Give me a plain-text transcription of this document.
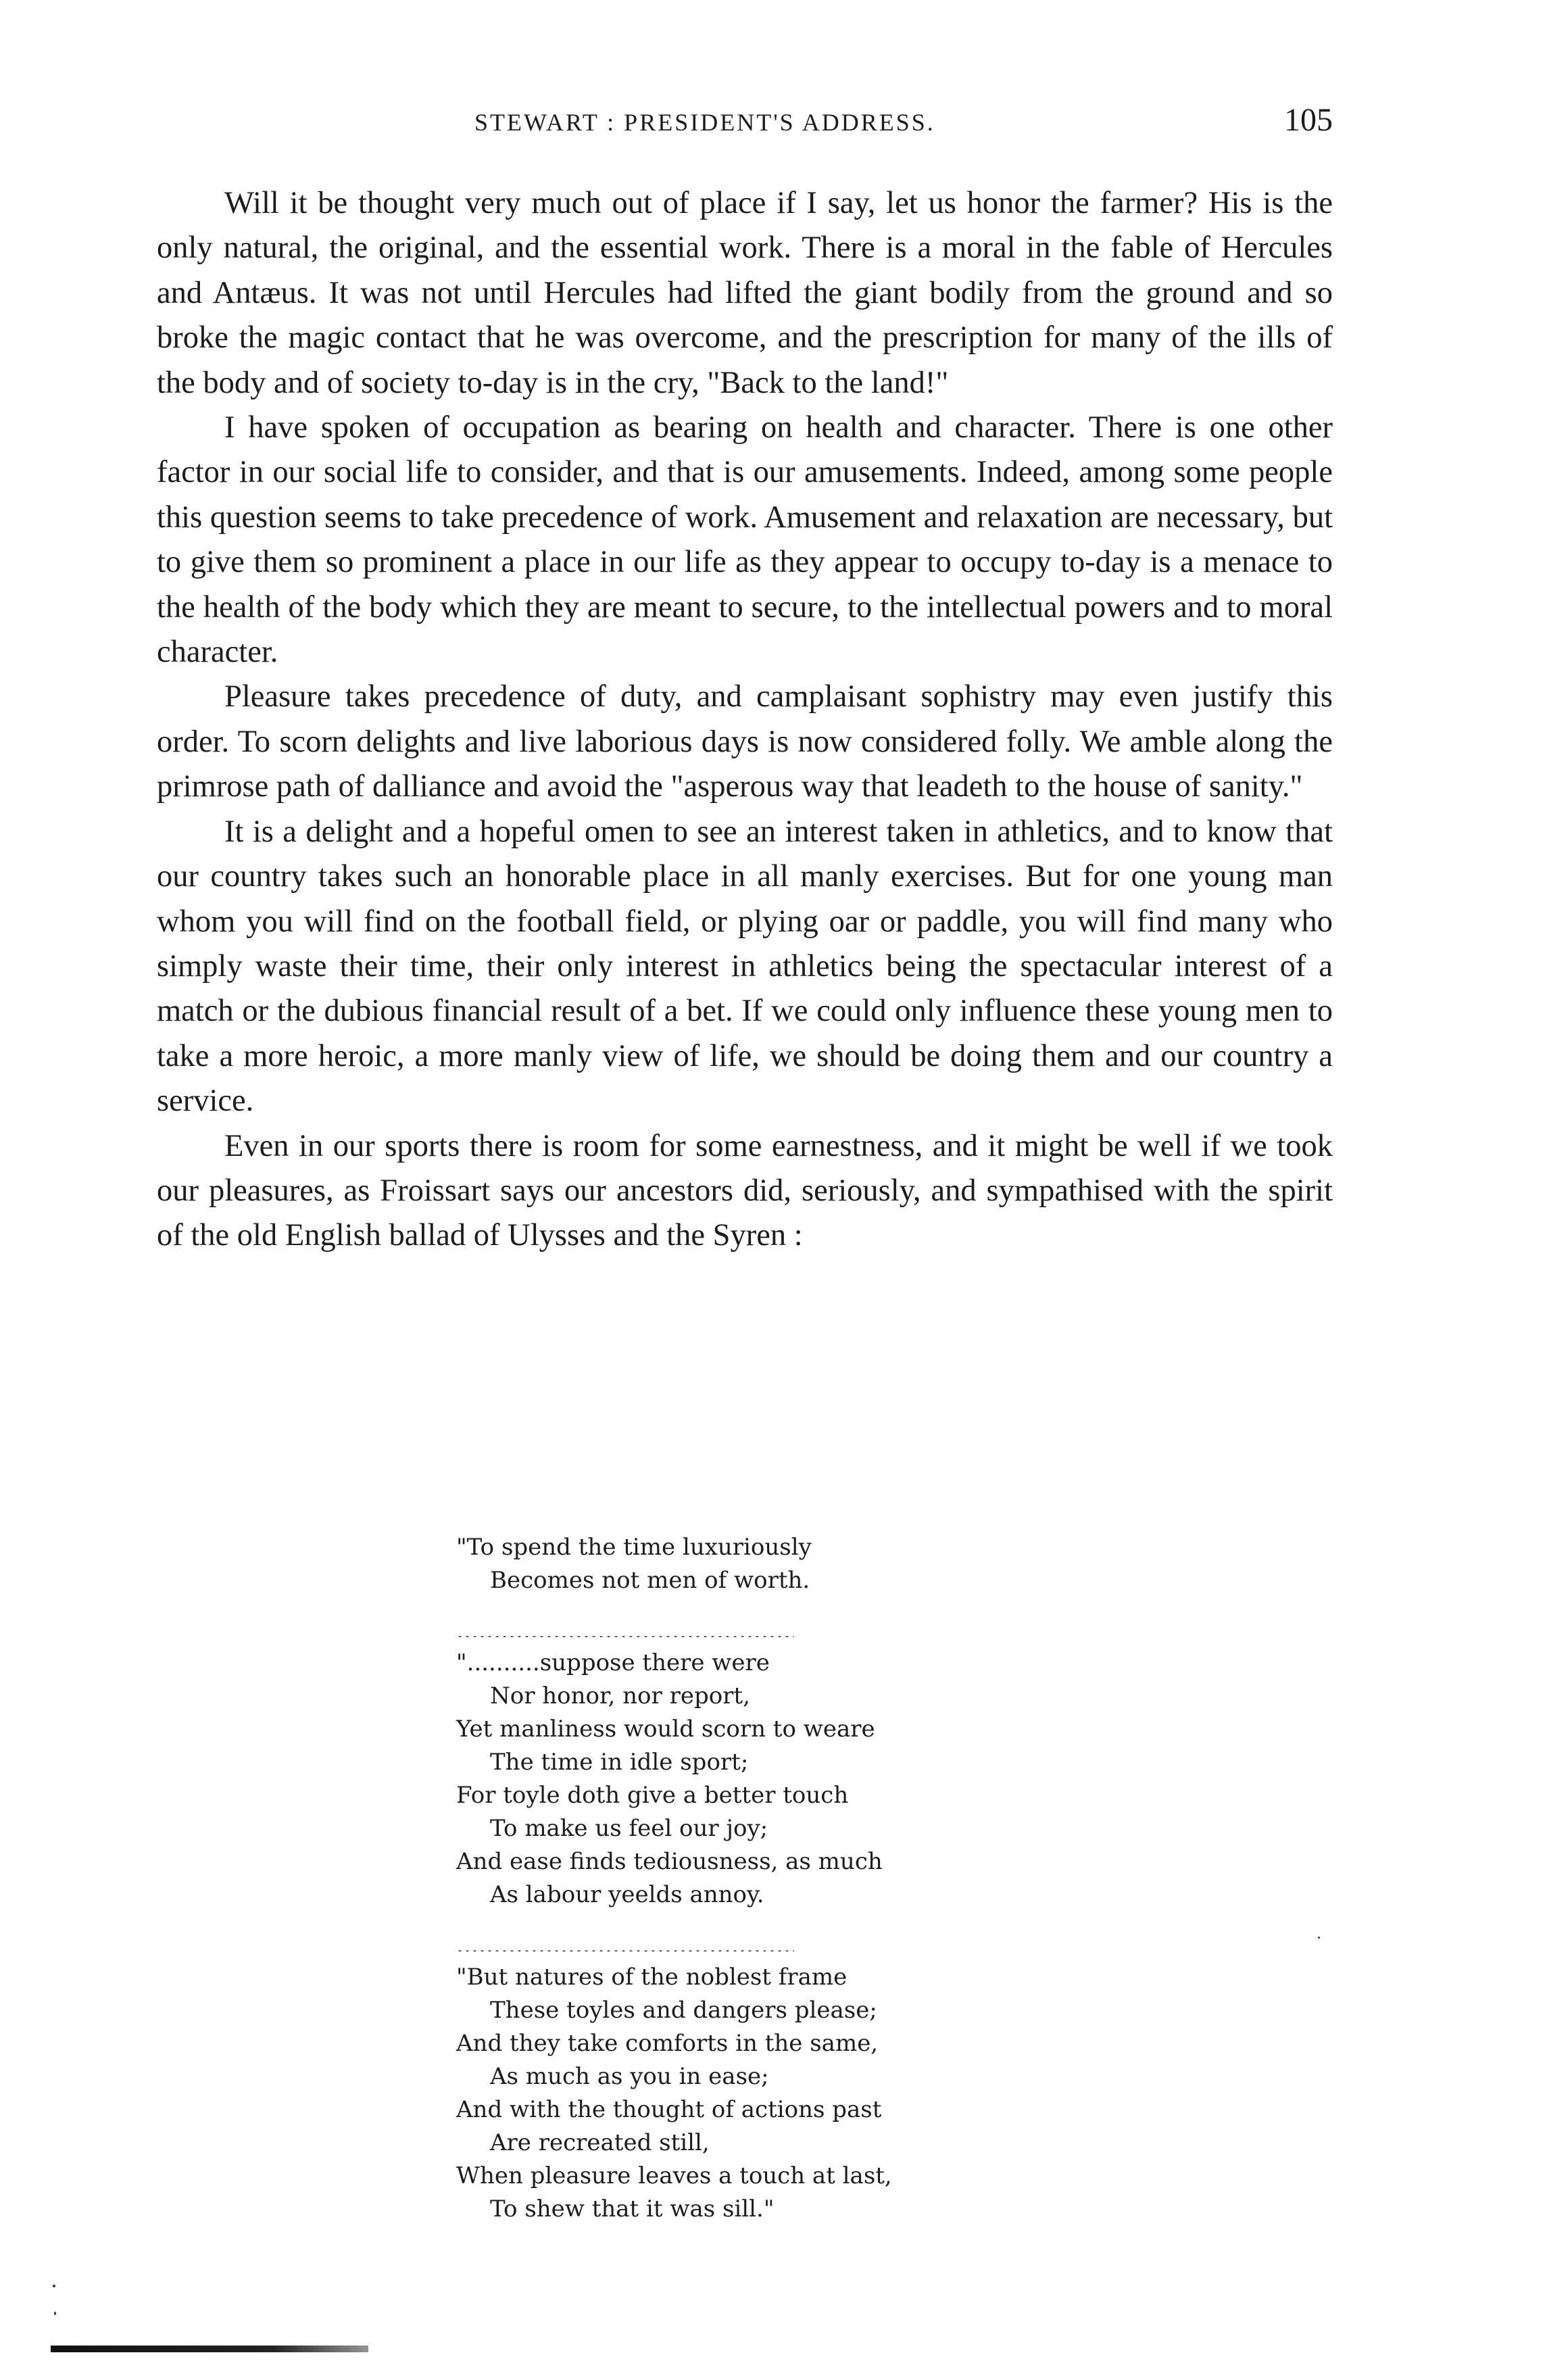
STEWART : PRESIDENT'S ADDRESS.	105

Will it be thought very much out of place if I say, let us honor the farmer? His is the only natural, the original, and the essential work. There is a moral in the fable of Hercules and Antæus. It was not until Hercules had lifted the giant bodily from the ground and so broke the magic contact that he was overcome, and the prescription for many of the ills of the body and of society to-day is in the cry, "Back to the land!"

I have spoken of occupation as bearing on health and character. There is one other factor in our social life to consider, and that is our amusements. Indeed, among some people this question seems to take precedence of work. Amusement and relaxation are necessary, but to give them so prominent a place in our life as they appear to occupy to-day is a menace to the health of the body which they are meant to secure, to the intellectual powers and to moral character.

Pleasure takes precedence of duty, and camplaisant sophistry may even justify this order. To scorn delights and live laborious days is now considered folly. We amble along the primrose path of dalliance and avoid the "asperous way that leadeth to the house of sanity."

It is a delight and a hopeful omen to see an interest taken in athletics, and to know that our country takes such an honorable place in all manly exercises. But for one young man whom you will find on the football field, or plying oar or paddle, you will find many who simply waste their time, their only interest in athletics being the spectacular interest of a match or the dubious financial result of a bet. If we could only influence these young men to take a more heroic, a more manly view of life, we should be doing them and our country a service.

Even in our sports there is room for some earnestness, and it might be well if we took our pleasures, as Froissart says our ancestors did, seriously, and sympathised with the spirit of the old English ballad of Ulysses and the Syren :

"To spend the time luxuriously
Becomes not men of worth.
"..........suppose there were
Nor honor, nor report,
Yet manliness would scorn to weare
The time in idle sport;
For toyle doth give a better touch
To make us feel our joy;
And ease finds tediousness, as much
As labour yeelds annoy.
"But natures of the noblest frame
These toyles and dangers please;
And they take comforts in the same,
As much as you in ease;
And with the thought of actions past
Are recreated still,
When pleasure leaves a touch at last,
To shew that it was sill."
